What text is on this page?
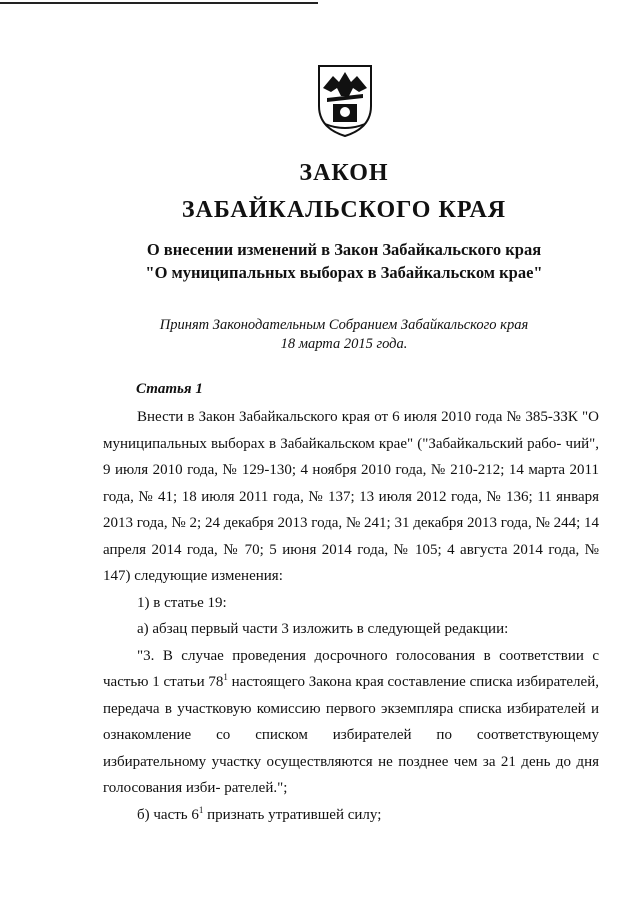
ЗАКОН
ЗАБАЙКАЛЬСКОГО КРАЯ
О внесении изменений в Закон Забайкальского края
"О муниципальных выборах в Забайкальском крае"
Принят Законодательным Собранием Забайкальского края
18 марта 2015 года.
Статья 1

Внести в Закон Забайкальского края от 6 июля 2010 года № 385-ЗЗК "О муниципальных выборах в Забайкальском крае" ("Забайкальский рабо- чий", 9 июля 2010 года, № 129-130; 4 ноября 2010 года, № 210-212; 14 марта 2011 года, № 41; 18 июля 2011 года, № 137; 13 июля 2012 года, № 136; 11 января 2013 года, № 2; 24 декабря 2013 года, № 241; 31 декабря 2013 года, № 244; 14 апреля 2014 года, № 70; 5 июня 2014 года, № 105; 4 августа 2014 года, № 147) следующие изменения:

1) в статье 19:

а) абзац первый части 3 изложить в следующей редакции:

"3. В случае проведения досрочного голосования в соответствии с частью 1 статьи $78^1$ настоящего Закона края составление списка избирателей, передача в участковую комиссию первого экземпляра списка избирателей и ознакомление со списком избирателей по соответствующему избирательному участку осуществляются не позднее чем за 21 день до дня голосования изби- рателей.";

б) часть $6^1$ признать утратившей силу;
